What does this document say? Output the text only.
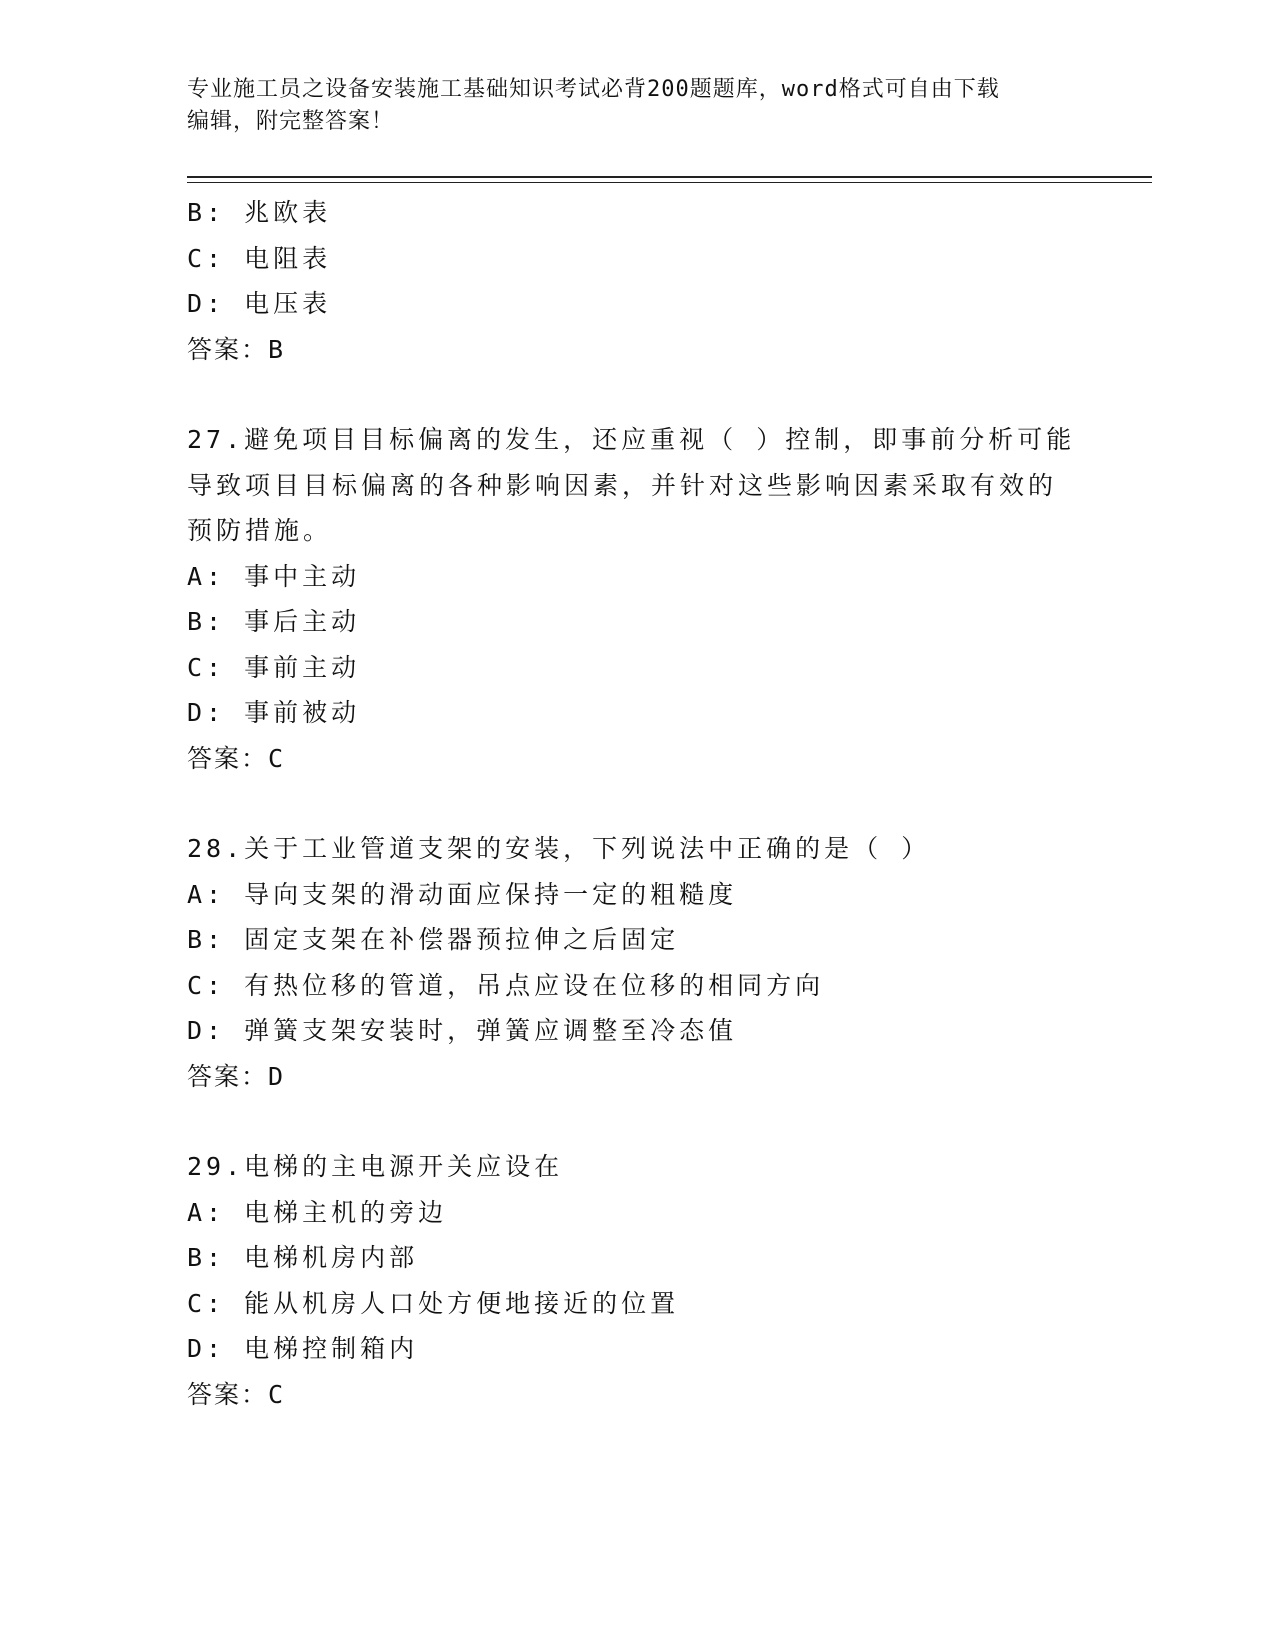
专业施工员之设备安装施工基础知识考试必背200题题库，word格式可自由下载
编辑，附完整答案！
B: 兆欧表
C: 电阻表
D: 电压表
答案：B
27.避免项目目标偏离的发生，还应重视（ ）控制，即事前分析可能
导致项目目标偏离的各种影响因素，并针对这些影响因素采取有效的
预防措施。
A: 事中主动
B: 事后主动
C: 事前主动
D: 事前被动
答案：C
28.关于工业管道支架的安装，下列说法中正确的是（ ）
A: 导向支架的滑动面应保持一定的粗糙度
B: 固定支架在补偿器预拉伸之后固定
C: 有热位移的管道，吊点应设在位移的相同方向
D: 弹簧支架安装时，弹簧应调整至冷态值
答案：D
29.电梯的主电源开关应设在
A: 电梯主机的旁边
B: 电梯机房内部
C: 能从机房人口处方便地接近的位置
D: 电梯控制箱内
答案：C
